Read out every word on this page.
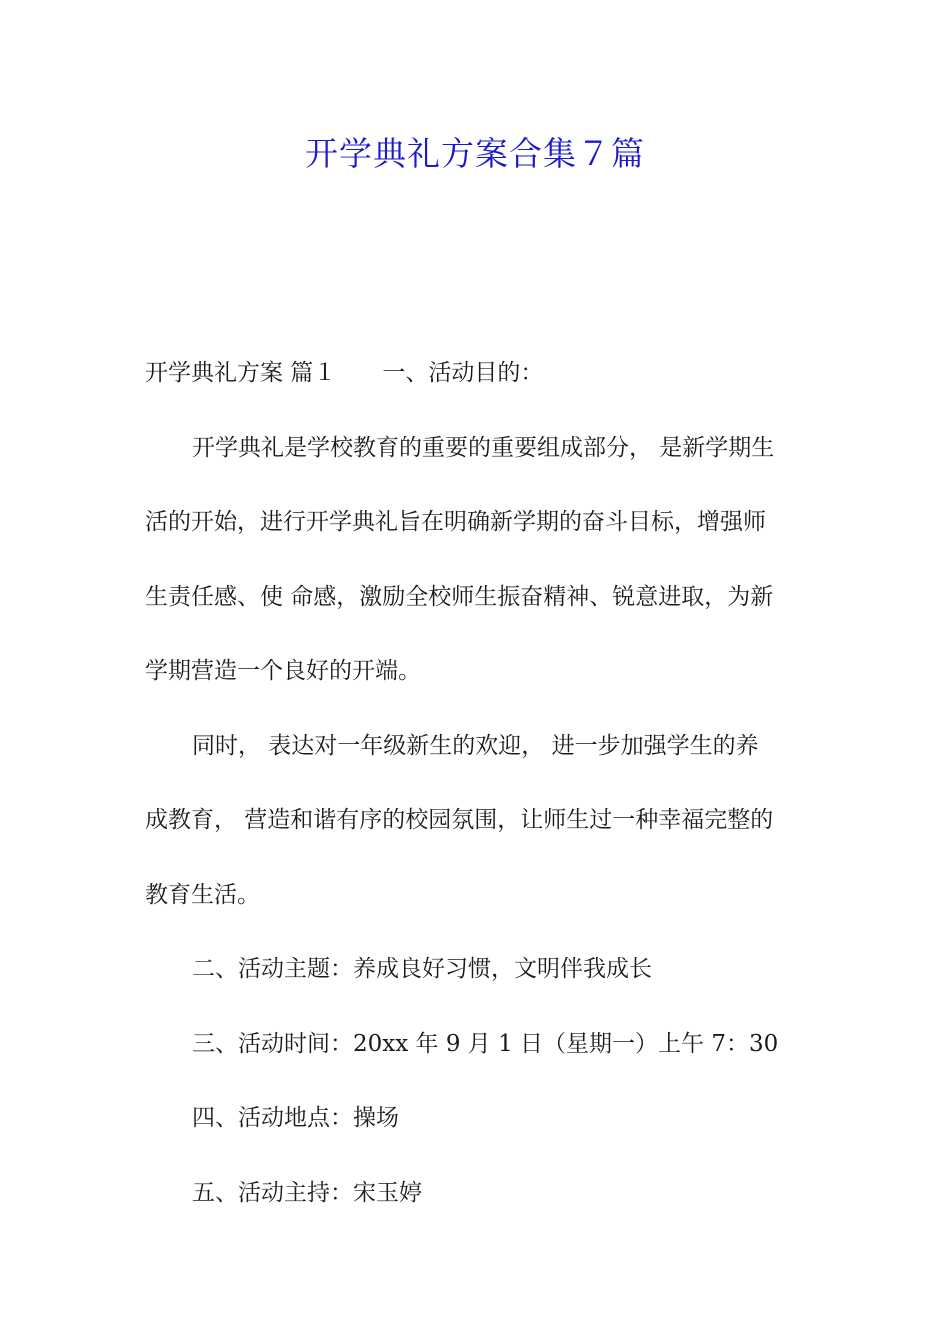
开学典礼方案合集７篇
开学典礼方案 篇１ 一、活动目的：
开学典礼是学校教育的重要的重要组成部分， 是新学期生
活的开始，进行开学典礼旨在明确新学期的奋斗目标，增强师
生责任感、使 命感，激励全校师生振奋精神、锐意进取，为新
学期营造一个良好的开端。
同时， 表达对一年级新生的欢迎， 进一步加强学生的养
成教育， 营造和谐有序的校园氛围，让师生过一种幸福完整的
教育生活。
二、活动主题：养成良好习惯，文明伴我成长
三、活动时间：20xx 年 9 月 1 日（星期一）上午 7：30
四、活动地点：操场
五、活动主持：宋玉婷
